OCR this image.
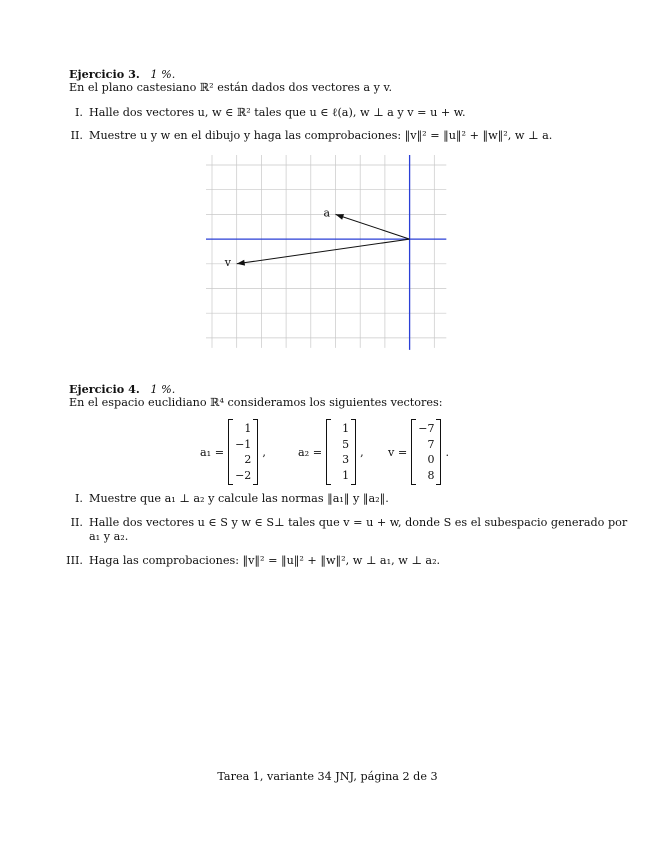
Ejercicio 3. 1 %.
En el plano castesiano ℝ² están dados dos vectores a y v.
I. Halle dos vectores u, w ∈ ℝ² tales que u ∈ ℓ(a), w ⊥ a y v = u + w.
II. Muestre u y w en el dibujo y haga las comprobaciones: ‖v‖² = ‖u‖² + ‖w‖², w ⊥ a.
a
v
Ejercicio 4. 1 %.
En el espacio euclidiano ℝ⁴ consideramos los siguientes vectores:
a₁ =
1
−1
2
−2
,	a₂ =
1
5
3
1
, v =
−7
7
0
8
.
I. Muestre que a₁ ⊥ a₂ y calcule las normas ‖a₁‖ y ‖a₂‖.
II. Halle dos vectores u ∈ S y w ∈ S⊥ tales que v = u + w, donde S es el subespacio generado por
a₁ y a₂.
III. Haga las comprobaciones: ‖v‖² = ‖u‖² + ‖w‖², w ⊥ a₁, w ⊥ a₂.
Tarea 1, variante 34 JNJ, página 2 de 3
